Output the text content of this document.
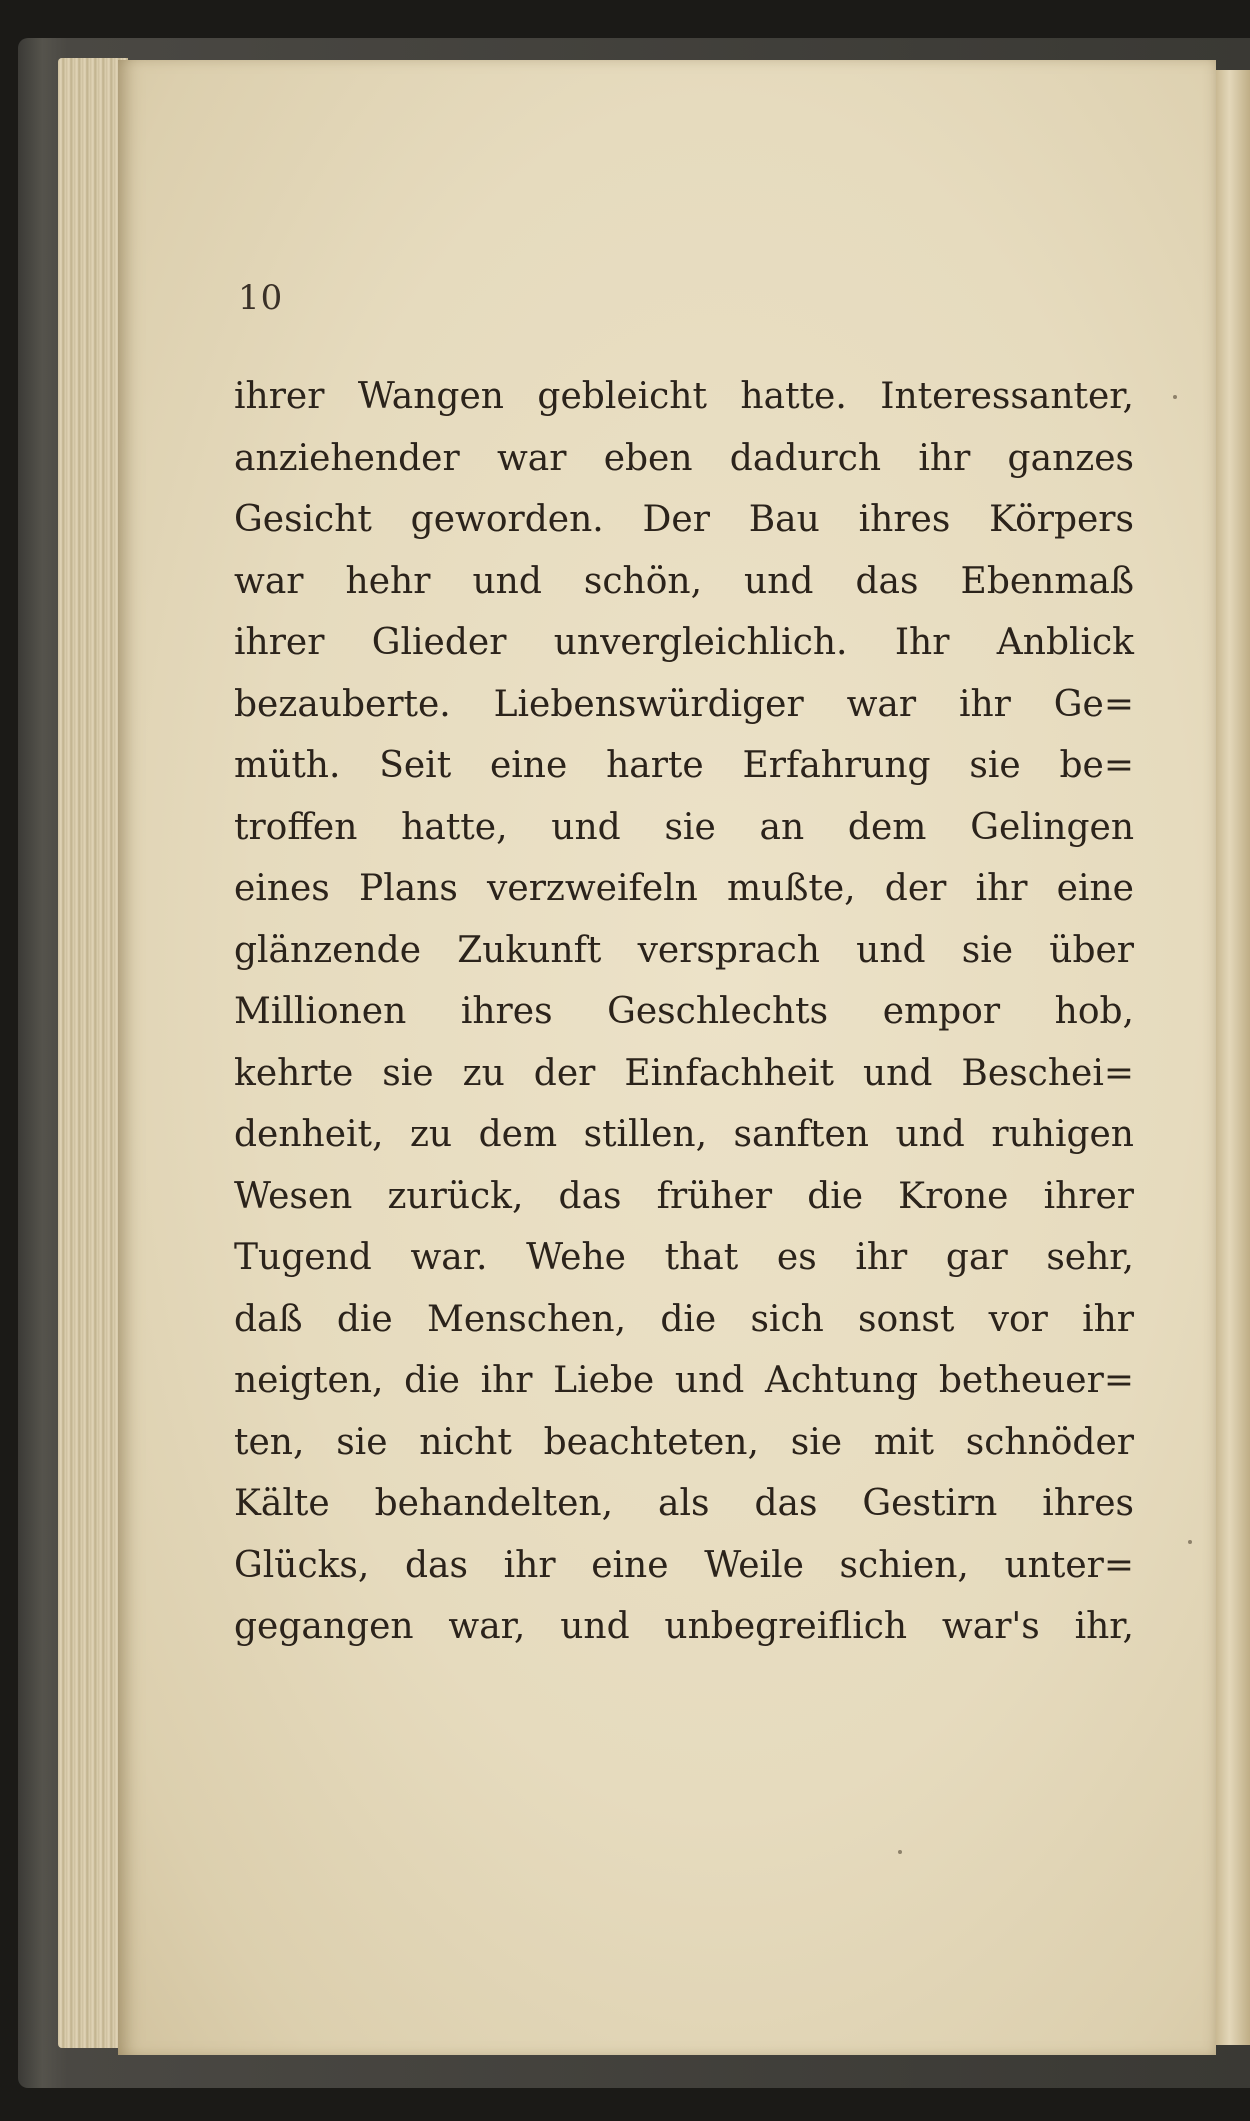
10
ihrer Wangen gebleicht hatte. Interessanter,
anziehender war eben dadurch ihr ganzes
Gesicht geworden. Der Bau ihres Körpers
war hehr und schön, und das Ebenmaß
ihrer Glieder unvergleichlich. Ihr Anblick
bezauberte. Liebenswürdiger war ihr Ge=
müth. Seit eine harte Erfahrung sie be=
troffen hatte, und sie an dem Gelingen
eines Plans verzweifeln mußte, der ihr eine
glänzende Zukunft versprach und sie über
Millionen ihres Geschlechts empor hob,
kehrte sie zu der Einfachheit und Beschei=
denheit, zu dem stillen, sanften und ruhigen
Wesen zurück, das früher die Krone ihrer
Tugend war. Wehe that es ihr gar sehr,
daß die Menschen, die sich sonst vor ihr
neigten, die ihr Liebe und Achtung betheuer=
ten, sie nicht beachteten, sie mit schnöder
Kälte behandelten, als das Gestirn ihres
Glücks, das ihr eine Weile schien, unter=
gegangen war, und unbegreiflich war's ihr,
